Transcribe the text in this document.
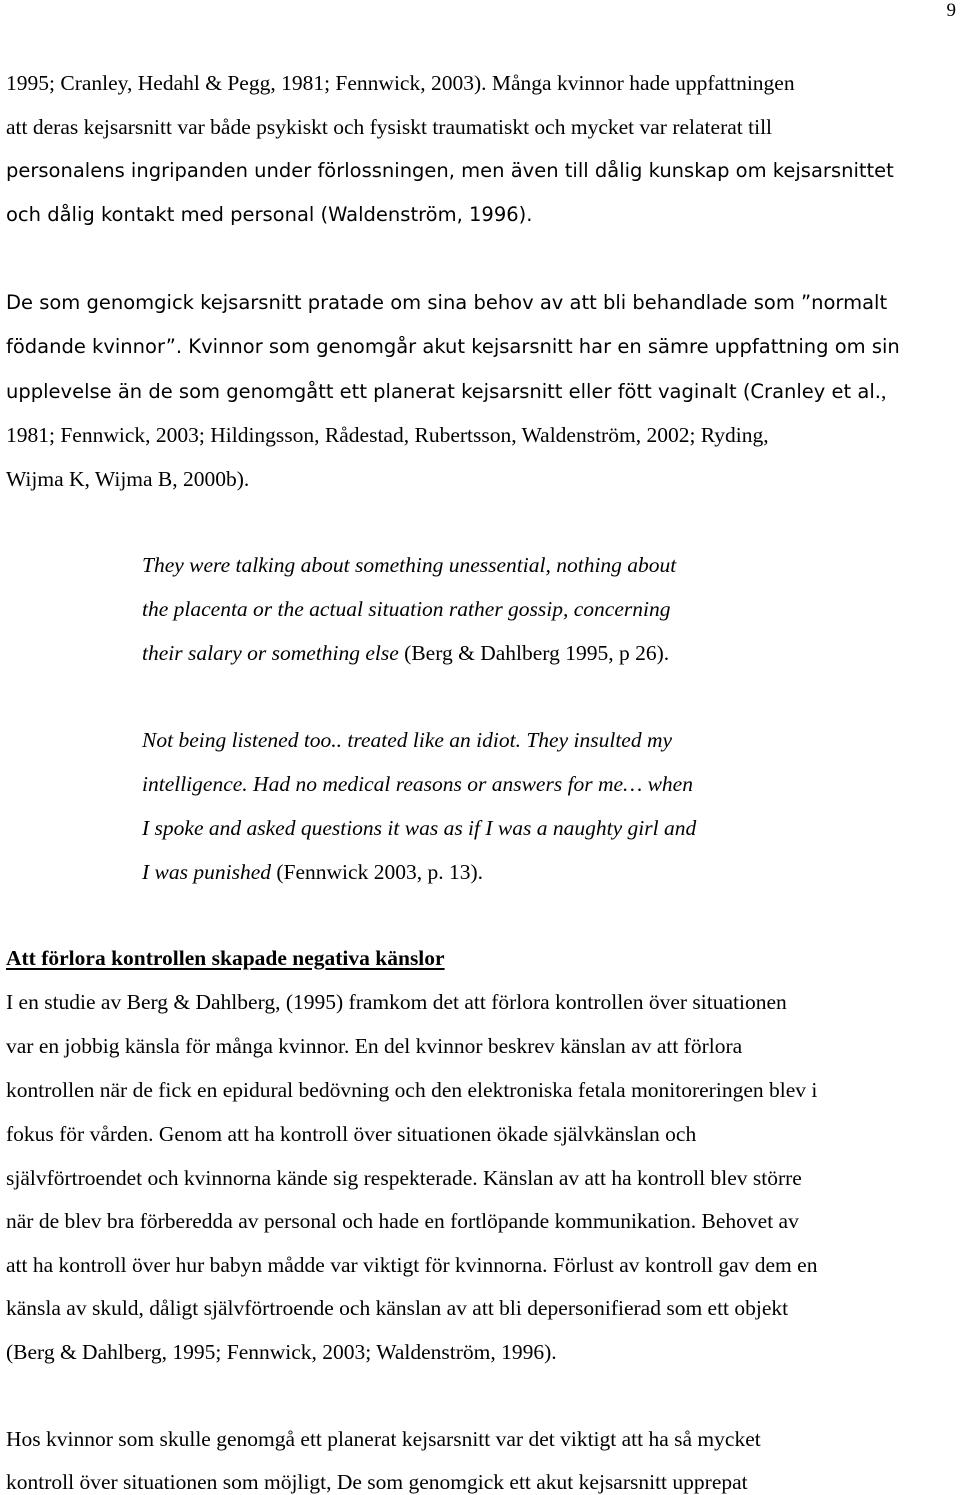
9
1995; Cranley, Hedahl & Pegg, 1981; Fennwick, 2003). Många kvinnor hade uppfattningen
att deras kejsarsnitt var både psykiskt och fysiskt traumatiskt och mycket var relaterat till
personalens ingripanden under förlossningen, men även till dålig kunskap om kejsarsnittet
och dålig kontakt med personal (Waldenström, 1996).
De som genomgick kejsarsnitt pratade om sina behov av att bli behandlade som ”normalt
födande kvinnor”. Kvinnor som genomgår akut kejsarsnitt har en sämre uppfattning om sin
upplevelse än de som genomgått ett planerat kejsarsnitt eller fött vaginalt (Cranley et al.,
1981; Fennwick, 2003; Hildingsson, Rådestad, Rubertsson, Waldenström, 2002; Ryding,
Wijma K, Wijma B, 2000b).
They were talking about something unessential, nothing about
the placenta or the actual situation rather gossip, concerning
their salary or something else (Berg & Dahlberg 1995, p 26).
Not being listened too.. treated like an idiot. They insulted my
intelligence. Had no medical reasons or answers for me… when
I spoke and asked questions it was as if I was a naughty girl and
I was punished (Fennwick 2003, p. 13).
Att förlora kontrollen skapade negativa känslor
I en studie av Berg & Dahlberg, (1995) framkom det att förlora kontrollen över situationen
var en jobbig känsla för många kvinnor. En del kvinnor beskrev känslan av att förlora
kontrollen när de fick en epidural bedövning och den elektroniska fetala monitoreringen blev i
fokus för vården. Genom att ha kontroll över situationen ökade självkänslan och
självförtroendet och kvinnorna kände sig respekterade. Känslan av att ha kontroll blev större
när de blev bra förberedda av personal och hade en fortlöpande kommunikation. Behovet av
att ha kontroll över hur babyn mådde var viktigt för kvinnorna. Förlust av kontroll gav dem en
känsla av skuld, dåligt självförtroende och känslan av att bli depersonifierad som ett objekt
(Berg & Dahlberg, 1995; Fennwick, 2003; Waldenström, 1996).
Hos kvinnor som skulle genomgå ett planerat kejsarsnitt var det viktigt att ha så mycket
kontroll över situationen som möjligt, De som genomgick ett akut kejsarsnitt upprepat
